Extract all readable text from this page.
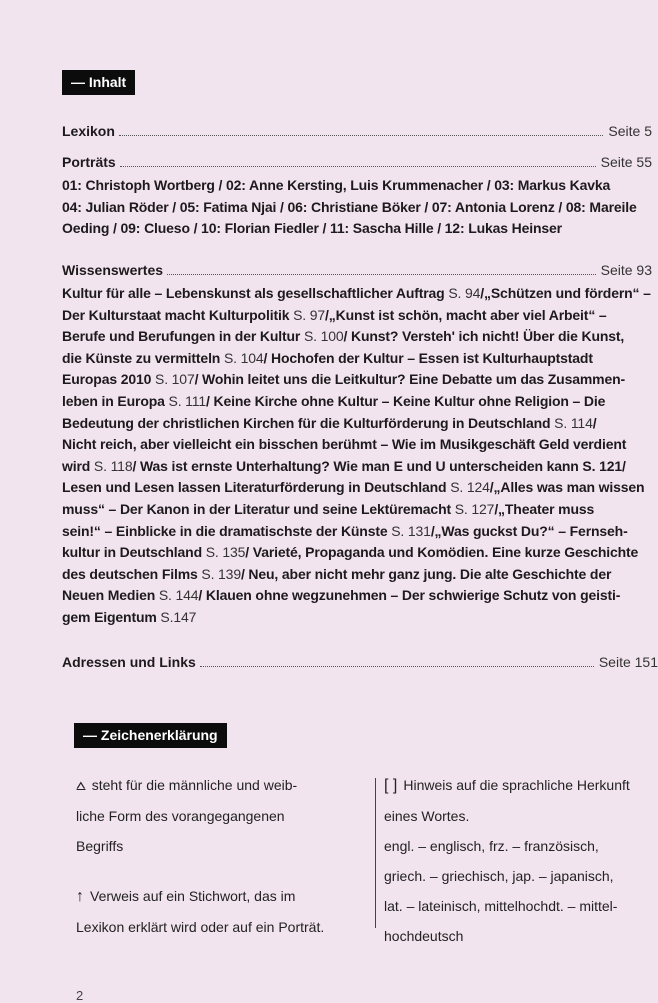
— Inhalt
Lexikon	Seite 5
Porträts	Seite 55
01: Christoph Wortberg / 02: Anne Kersting, Luis Krummenacher / 03: Markus Kavka
04: Julian Röder / 05: Fatima Njai / 06: Christiane Böker / 07: Antonia Lorenz / 08: Mareile
Oeding / 09: Clueso / 10: Florian Fiedler / 11: Sascha Hille / 12: Lukas Heinser
Wissenswertes	Seite 93
Kultur für alle – Lebenskunst als gesellschaftlicher Auftrag S. 94/„Schützen und fördern“ –
Der Kulturstaat macht Kulturpolitik S. 97/„Kunst ist schön, macht aber viel Arbeit“ –
Berufe und Berufungen in der Kultur S. 100/ Kunst? Versteh' ich nicht! Über die Kunst,
die Künste zu vermitteln S. 104/ Hochofen der Kultur – Essen ist Kulturhauptstadt
Europas 2010 S. 107/ Wohin leitet uns die Leitkultur? Eine Debatte um das Zusammen-
leben in Europa S. 111/ Keine Kirche ohne Kultur – Keine Kultur ohne Religion – Die
Bedeutung der christlichen Kirchen für die Kulturförderung in Deutschland S. 114/
Nicht reich, aber vielleicht ein bisschen berühmt – Wie im Musikgeschäft Geld verdient
wird S. 118/ Was ist ernste Unterhaltung? Wie man E und U unterscheiden kann S. 121/
Lesen und Lesen lassen Literaturförderung in Deutschland S. 124/„Alles was man wissen
muss“ – Der Kanon in der Literatur und seine Lektüremacht S. 127/„Theater muss
sein!“ – Einblicke in die dramatischste der Künste S. 131/„Was guckst Du?“ – Fernseh-
kultur in Deutschland S. 135/ Varieté, Propaganda und Komödien. Eine kurze Geschichte
des deutschen Films S. 139/ Neu, aber nicht mehr ganz jung. Die alte Geschichte der
Neuen Medien S. 144/ Klauen ohne wegzunehmen – Der schwierige Schutz von geisti-
gem Eigentum S.147
Adressen und Links	Seite 151
— Zeichenerklärung
⩟ steht für die männliche und weib-
liche Form des vorangegangenen
Begriffs
↑ Verweis auf ein Stichwort, das im
Lexikon erklärt wird oder auf ein Porträt.
[ ] Hinweis auf die sprachliche Herkunft
eines Wortes.
engl. – englisch, frz. – französisch,
griech. – griechisch, jap. – japanisch,
lat. – lateinisch, mittelhochdt. – mittel-
hochdeutsch
2
